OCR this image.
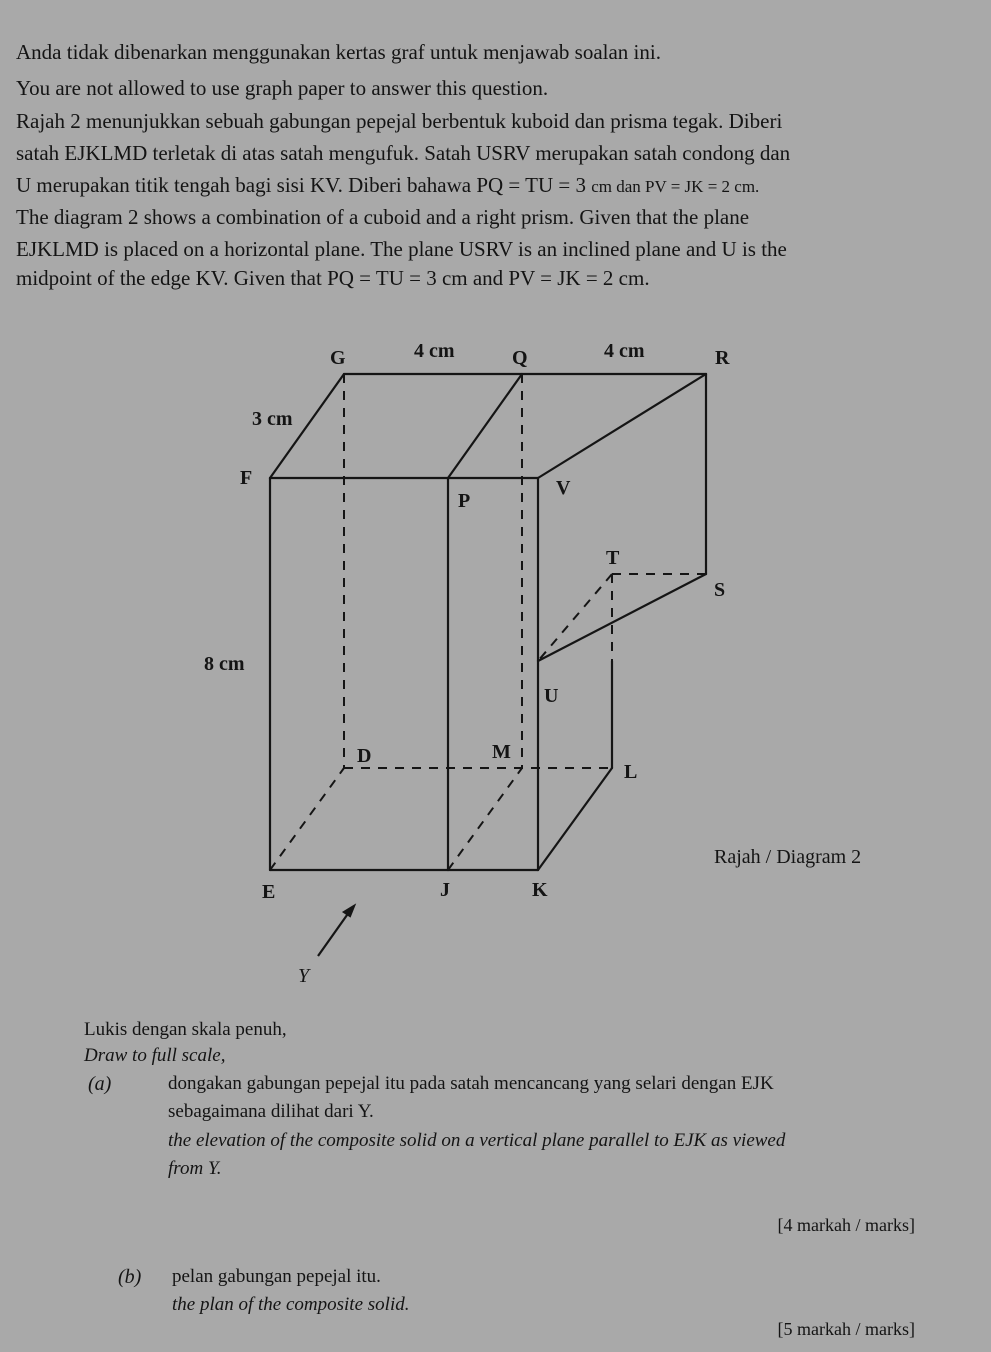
Anda tidak dibenarkan menggunakan kertas graf untuk menjawab soalan ini.
You are not allowed to use graph paper to answer this question.
Rajah 2 menunjukkan sebuah gabungan pepejal berbentuk kuboid dan prisma tegak. Diberi
satah EJKLMD terletak di atas satah mengufuk. Satah USRV merupakan satah condong dan
U merupakan titik tengah bagi sisi KV. Diberi bahawa PQ = TU = 3 cm dan PV = JK = 2 cm.
The diagram 2 shows a combination of a cuboid and a right prism. Given that the plane
EJKLMD is placed on a horizontal plane. The plane USRV is an inclined plane and U is the
midpoint of the edge KV. Given that PQ = TU = 3 cm and PV = JK = 2 cm.
G	Q	R
F
P
V
T
S
U
D	M
L
E	J	K
Y
4 cm	4 cm
3 cm
8 cm
Rajah / Diagram 2
Lukis dengan skala penuh,
Draw to full scale,
(a)	dongakan gabungan pepejal itu pada satah mencancang yang selari dengan EJK
sebagaimana dilihat dari Y.
the elevation of the composite solid on a vertical plane parallel to EJK as viewed
from Y.
[4 markah / marks]
(b) pelan gabungan pepejal itu.
the plan of the composite solid.
[5 markah / marks]
